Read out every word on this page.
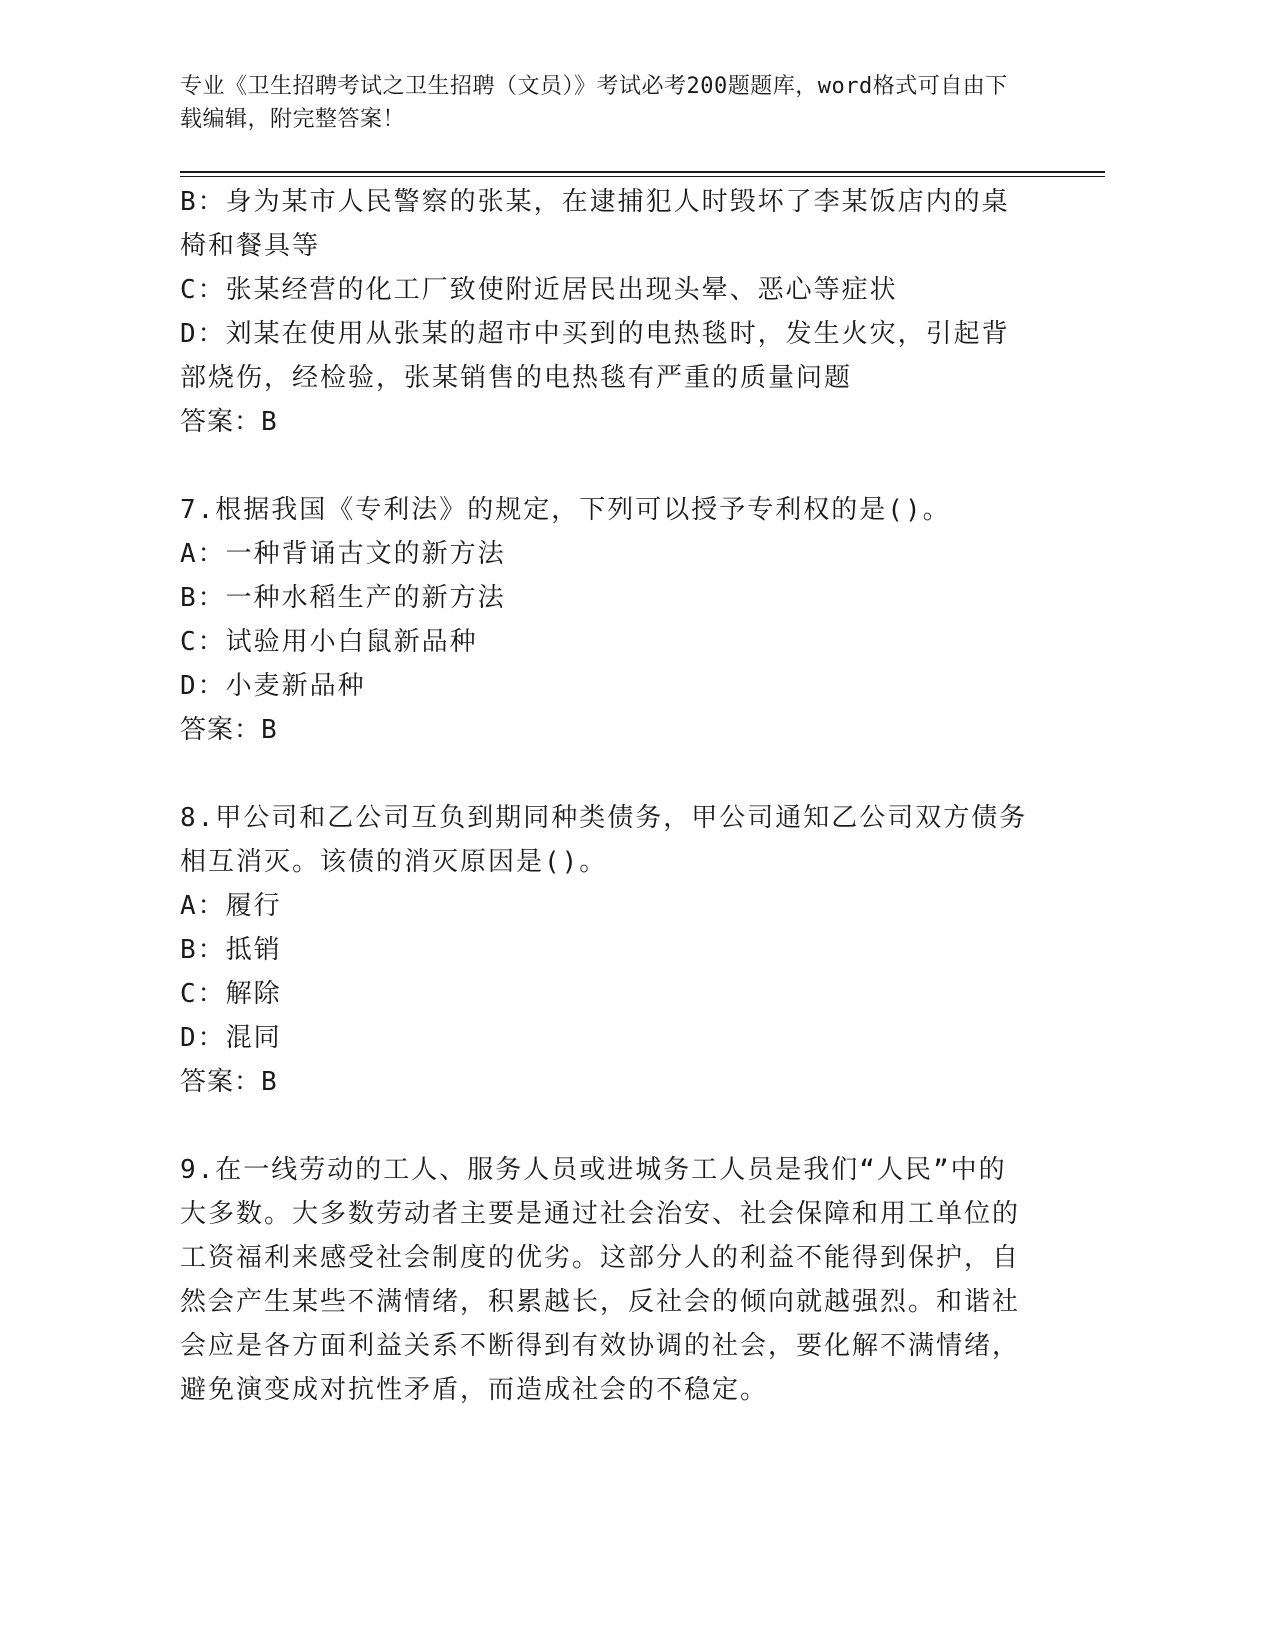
专业《卫生招聘考试之卫生招聘（文员）》考试必考200题题库，word格式可自由下载编辑，附完整答案！
B：身为某市人民警察的张某，在逮捕犯人时毁坏了李某饭店内的桌椅和餐具等
C：张某经营的化工厂致使附近居民出现头晕、恶心等症状
D：刘某在使用从张某的超市中买到的电热毯时，发生火灾，引起背部烧伤，经检验，张某销售的电热毯有严重的质量问题
答案：B
7.根据我国《专利法》的规定，下列可以授予专利权的是()。
A：一种背诵古文的新方法
B：一种水稻生产的新方法
C：试验用小白鼠新品种
D：小麦新品种
答案：B
8.甲公司和乙公司互负到期同种类债务，甲公司通知乙公司双方债务相互消灭。该债的消灭原因是()。
A：履行
B：抵销
C：解除
D：混同
答案：B
9.在一线劳动的工人、服务人员或进城务工人员是我们“人民”中的大多数。大多数劳动者主要是通过社会治安、社会保障和用工单位的工资福利来感受社会制度的优劣。这部分人的利益不能得到保护，自然会产生某些不满情绪，积累越长，反社会的倾向就越强烈。和谐社会应是各方面利益关系不断得到有效协调的社会，要化解不满情绪，避免演变成对抗性矛盾，而造成社会的不稳定。
